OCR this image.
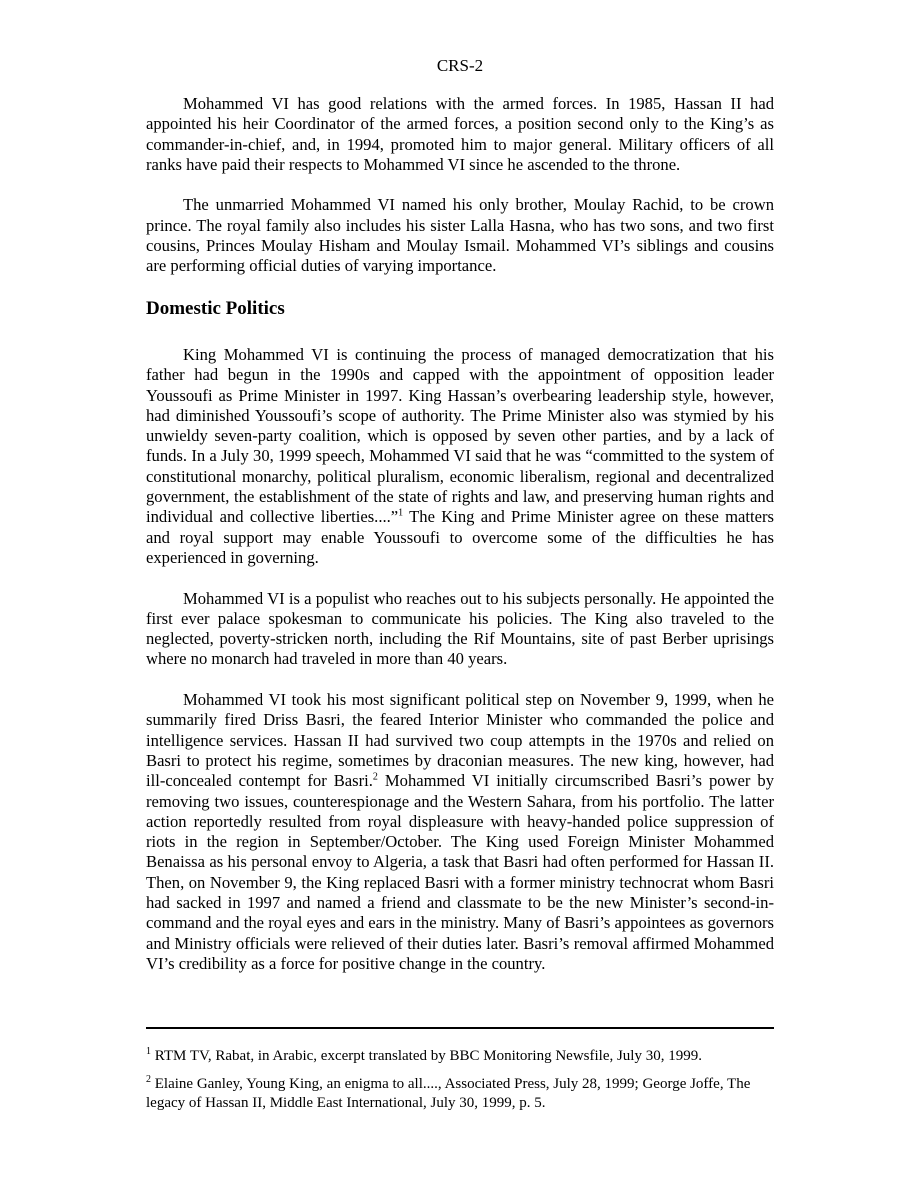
CRS-2

Mohammed VI has good relations with the armed forces. In 1985, Hassan II had appointed his heir Coordinator of the armed forces, a position second only to the King’s as commander-in-chief, and, in 1994, promoted him to major general. Military officers of all ranks have paid their respects to Mohammed VI since he ascended to the throne.

The unmarried Mohammed VI named his only brother, Moulay Rachid, to be crown prince. The royal family also includes his sister Lalla Hasna, who has two sons, and two first cousins, Princes Moulay Hisham and Moulay Ismail. Mohammed VI’s siblings and cousins are performing official duties of varying importance.

Domestic Politics

King Mohammed VI is continuing the process of managed democratization that his father had begun in the 1990s and capped with the appointment of opposition leader Youssoufi as Prime Minister in 1997. King Hassan’s overbearing leadership style, however, had diminished Youssoufi’s scope of authority. The Prime Minister also was stymied by his unwieldy seven-party coalition, which is opposed by seven other parties, and by a lack of funds. In a July 30, 1999 speech, Mohammed VI said that he was “committed to the system of constitutional monarchy, political pluralism, economic liberalism, regional and decentralized government, the establishment of the state of rights and law, and preserving human rights and individual and collective liberties....”$^1$ The King and Prime Minister agree on these matters and royal support may enable Youssoufi to overcome some of the difficulties he has experienced in governing.

Mohammed VI is a populist who reaches out to his subjects personally. He appointed the first ever palace spokesman to communicate his policies. The King also traveled to the neglected, poverty-stricken north, including the Rif Mountains, site of past Berber uprisings where no monarch had traveled in more than 40 years.

Mohammed VI took his most significant political step on November 9, 1999, when he summarily fired Driss Basri, the feared Interior Minister who commanded the police and intelligence services. Hassan II had survived two coup attempts in the 1970s and relied on Basri to protect his regime, sometimes by draconian measures. The new king, however, had ill-concealed contempt for Basri.$^2$ Mohammed VI initially circumscribed Basri’s power by removing two issues, counterespionage and the Western Sahara, from his portfolio. The latter action reportedly resulted from royal displeasure with heavy-handed police suppression of riots in the region in September/October. The King used Foreign Minister Mohammed Benaissa as his personal envoy to Algeria, a task that Basri had often performed for Hassan II. Then, on November 9, the King replaced Basri with a former ministry technocrat whom Basri had sacked in 1997 and named a friend and classmate to be the new Minister’s second-in-command and the royal eyes and ears in the ministry. Many of Basri’s appointees as governors and Ministry officials were relieved of their duties later. Basri’s removal affirmed Mohammed VI’s credibility as a force for positive change in the country.

$^1$ RTM TV, Rabat, in Arabic, excerpt translated by BBC Monitoring Newsfile, July 30, 1999.

$^2$ Elaine Ganley, Young King, an enigma to all...., Associated Press, July 28, 1999; George Joffe, The legacy of Hassan II, Middle East International, July 30, 1999, p. 5.
